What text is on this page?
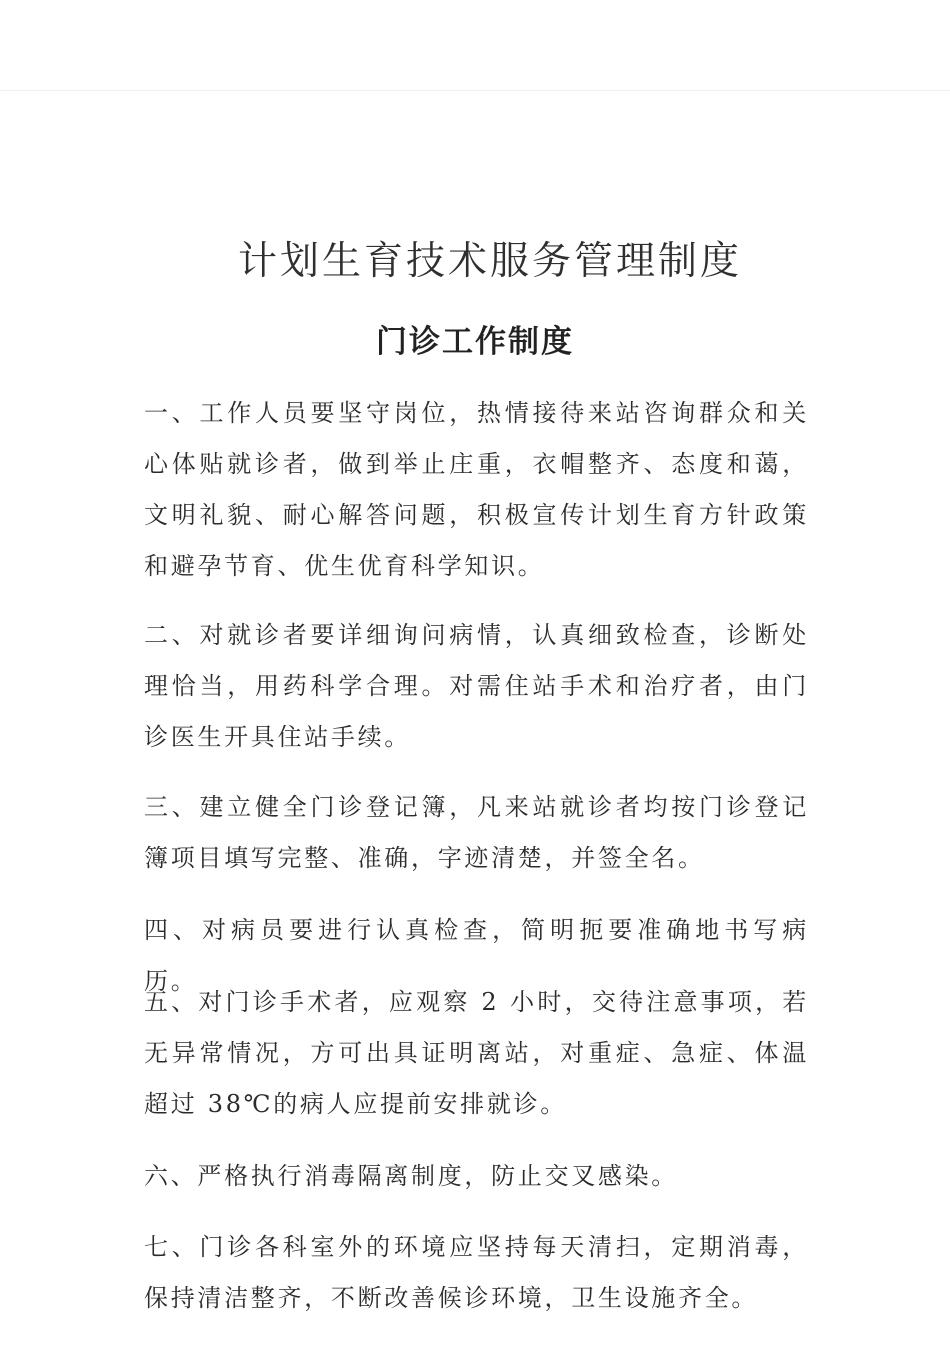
计划生育技术服务管理制度
门诊工作制度

一、工作人员要坚守岗位，热情接待来站咨询群众和关心体贴就诊者，做到举止庄重，衣帽整齐、态度和蔼，文明礼貌、耐心解答问题，积极宣传计划生育方针政策和避孕节育、优生优育科学知识。

二、对就诊者要详细询问病情，认真细致检查，诊断处理恰当，用药科学合理。对需住站手术和治疗者，由门诊医生开具住站手续。

三、建立健全门诊登记簿，凡来站就诊者均按门诊登记簿项目填写完整、准确，字迹清楚，并签全名。

四、对病员要进行认真检查，简明扼要准确地书写病历。

五、对门诊手术者，应观察 2 小时，交待注意事项，若无异常情况，方可出具证明离站，对重症、急症、体温超过 38℃的病人应提前安排就诊。

六、严格执行消毒隔离制度，防止交叉感染。

七、门诊各科室外的环境应坚持每天清扫，定期消毒，保持清洁整齐，不断改善候诊环境，卫生设施齐全。
